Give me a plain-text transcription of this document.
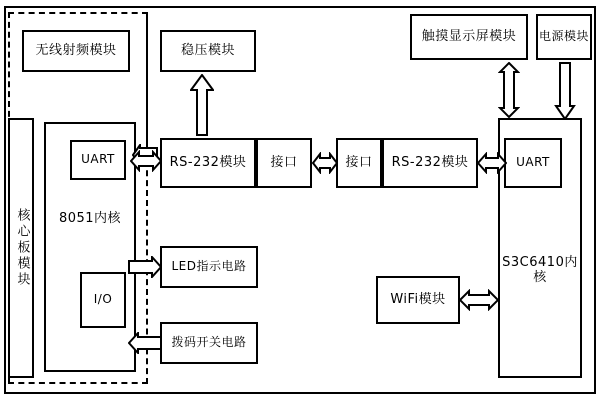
无线射频模块	稳压模块
触摸显示屏模块 电源模块
核心板模块 8051内核
UART
I/O
RS-232模块 接口	接口 RS-232模块
S3C6410内核
UART
LED指示电路
拨码开关电路
WiFi模块
